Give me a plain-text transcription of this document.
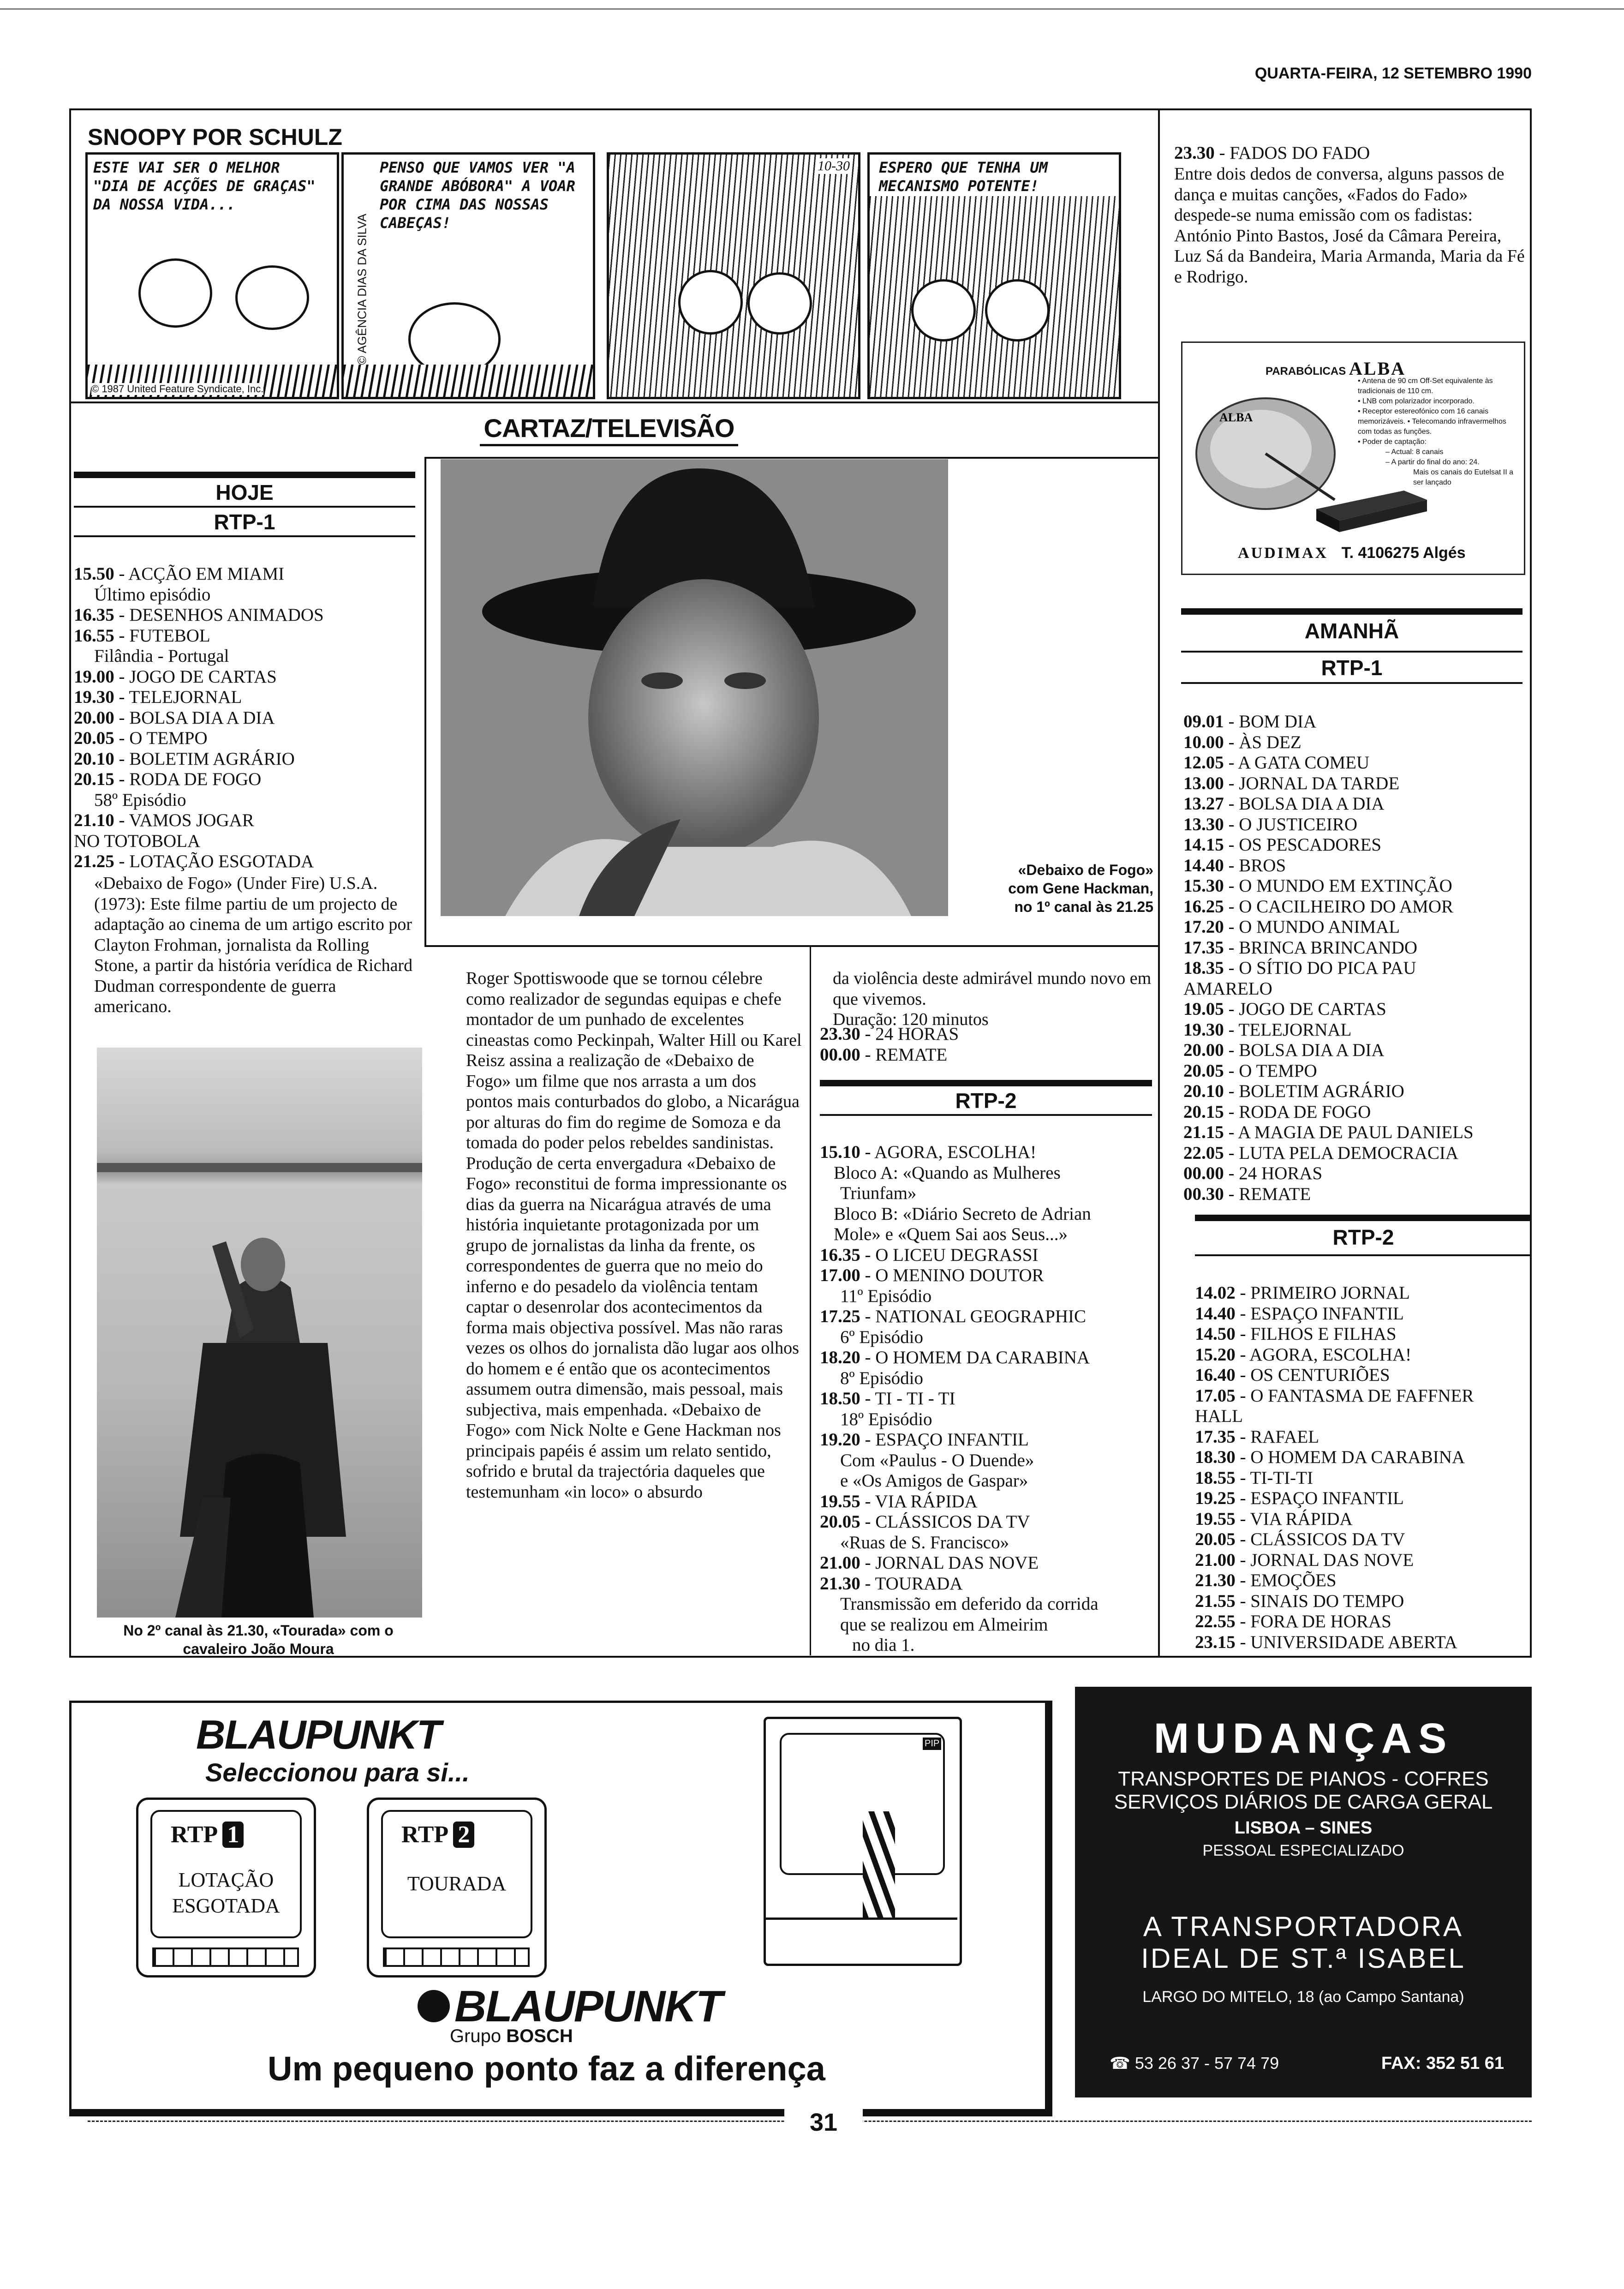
QUARTA-FEIRA, 12 SETEMBRO 1990
SNOOPY POR SCHULZ
ESTE VAI SER O MELHOR "DIA DE ACÇÕES DE GRAÇAS" DA NOSSA VIDA...
© 1987 United Feature Syndicate, Inc.
PENSO QUE VAMOS VER "A GRANDE ABÓBORA" A VOAR POR CIMA DAS NOSSAS CABEÇAS!
© AGÊNCIA DIAS DA SILVA
10-30 ESPERO QUE TENHA UM MECANISMO POTENTE!
CARTAZ/TELEVISÃO
HOJE
RTP-1
15.50 - ACÇÃO EM MIAMI
Último episódio
16.35 - DESENHOS ANIMADOS
16.55 - FUTEBOL
Filândia - Portugal
19.00 - JOGO DE CARTAS
19.30 - TELEJORNAL
20.00 - BOLSA DIA A DIA
20.05 - O TEMPO
20.10 - BOLETIM AGRÁRIO
20.15 - RODA DE FOGO
58º Episódio
21.10 - VAMOS JOGAR
NO TOTOBOLA
21.25 - LOTAÇÃO ESGOTADA
«Debaixo de Fogo» (Under Fire) U.S.A. (1973): Este filme partiu de um projecto de adaptação ao cinema de um artigo escrito por Clayton Frohman, jornalista da Rolling Stone, a partir da história verídica de Richard Dudman correspondente de guerra americano.
No 2º canal às 21.30, «Tourada» com o
cavaleiro João Moura
«Debaixo de Fogo»
com Gene Hackman,
no 1º canal às 21.25
Roger Spottiswoode que se tornou célebre como realizador de segundas equipas e chefe montador de um punhado de excelentes cineastas como Peckinpah, Walter Hill ou Karel Reisz assina a realização de «Debaixo de Fogo» um filme que nos arrasta a um dos pontos mais conturbados do globo, a Nicarágua por alturas do fim do regime de Somoza e da tomada do poder pelos rebeldes sandinistas. Produção de certa envergadura «Debaixo de Fogo» reconstitui de forma impressionante os dias da guerra na Nicarágua através de uma história inquietante protagonizada por um grupo de jornalistas da linha da frente, os correspondentes de guerra que no meio do inferno e do pesadelo da violência tentam captar o desenrolar dos acontecimentos da forma mais objectiva possível. Mas não raras vezes os olhos do jornalista dão lugar aos olhos do homem e é então que os acontecimentos assumem outra dimensão, mais pessoal, mais subjectiva, mais empenhada. «Debaixo de Fogo» com Nick Nolte e Gene Hackman nos principais papéis é assim um relato sentido, sofrido e brutal da trajectória daqueles que testemunham «in loco» o absurdo
da violência deste admirável mundo novo em que vivemos.
Duração: 120 minutos
23.30 - 24 HORAS
00.00 - REMATE
RTP-2
15.10 - AGORA, ESCOLHA!
Bloco A: «Quando as Mulheres
Triunfam»
Bloco B: «Diário Secreto de Adrian
Mole» e «Quem Sai aos Seus...»
16.35 - O LICEU DEGRASSI
17.00 - O MENINO DOUTOR
11º Episódio
17.25 - NATIONAL GEOGRAPHIC
6º Episódio
18.20 - O HOMEM DA CARABINA
8º Episódio
18.50 - TI - TI - TI
18º Episódio
19.20 - ESPAÇO INFANTIL
Com «Paulus - O Duende»
e «Os Amigos de Gaspar»
19.55 - VIA RÁPIDA
20.05 - CLÁSSICOS DA TV
«Ruas de S. Francisco»
21.00 - JORNAL DAS NOVE
21.30 - TOURADA
Transmissão em deferido da corrida
que se realizou em Almeirim
no dia 1.
23.30 - FADOS DO FADO
Entre dois dedos de conversa, alguns passos de dança e muitas canções, «Fados do Fado» despede-se numa emissão com os fadistas: António Pinto Bastos, José da Câmara Pereira, Luz Sá da Bandeira, Maria Armanda, Maria da Fé e Rodrigo.
PARABÓLICAS ALBA
ALBA
• Antena de 90 cm Off-Set equivalente às tradicionais de 110 cm.
• LNB com polarizador incorporado.
• Receptor estereofónico com 16 canais memorizáveis. • Telecomando infravermelhos com todas as funções.
• Poder de captação:
– Actual: 8 canais
– A partir do final do ano: 24.
Mais os canais do Eutelsat II a ser lançado
AUDIMAX T. 4106275 Algés
AMANHÃ
RTP-1
09.01 - BOM DIA
10.00 - ÀS DEZ
12.05 - A GATA COMEU
13.00 - JORNAL DA TARDE
13.27 - BOLSA DIA A DIA
13.30 - O JUSTICEIRO
14.15 - OS PESCADORES
14.40 - BROS
15.30 - O MUNDO EM EXTINÇÃO
16.25 - O CACILHEIRO DO AMOR
17.20 - O MUNDO ANIMAL
17.35 - BRINCA BRINCANDO
18.35 - O SÍTIO DO PICA PAU
AMARELO
19.05 - JOGO DE CARTAS
19.30 - TELEJORNAL
20.00 - BOLSA DIA A DIA
20.05 - O TEMPO
20.10 - BOLETIM AGRÁRIO
20.15 - RODA DE FOGO
21.15 - A MAGIA DE PAUL DANIELS
22.05 - LUTA PELA DEMOCRACIA
00.00 - 24 HORAS
00.30 - REMATE
RTP-2
14.02 - PRIMEIRO JORNAL
14.40 - ESPAÇO INFANTIL
14.50 - FILHOS E FILHAS
15.20 - AGORA, ESCOLHA!
16.40 - OS CENTURIÕES
17.05 - O FANTASMA DE FAFFNER
HALL
17.35 - RAFAEL
18.30 - O HOMEM DA CARABINA
18.55 - TI-TI-TI
19.25 - ESPAÇO INFANTIL
19.55 - VIA RÁPIDA
20.05 - CLÁSSICOS DA TV
21.00 - JORNAL DAS NOVE
21.30 - EMOÇÕES
21.55 - SINAIS DO TEMPO
22.55 - FORA DE HORAS
23.15 - UNIVERSIDADE ABERTA
BLAUPUNKT
Seleccionou para si...
RTP 1
LOTAÇÃO
ESGOTADA
RTP 2
TOURADA
PIP
BLAUPUNKT
Grupo BOSCH
Um pequeno ponto faz a diferença
MUDANÇAS
TRANSPORTES DE PIANOS - COFRES
SERVIÇOS DIÁRIOS DE CARGA GERAL
LISBOA – SINES
PESSOAL ESPECIALIZADO
A TRANSPORTADORA
IDEAL DE ST.ª ISABEL
LARGO DO MITELO, 18 (ao Campo Santana)
☎ 53 26 37 - 57 74 79	FAX: 352 51 61
31
